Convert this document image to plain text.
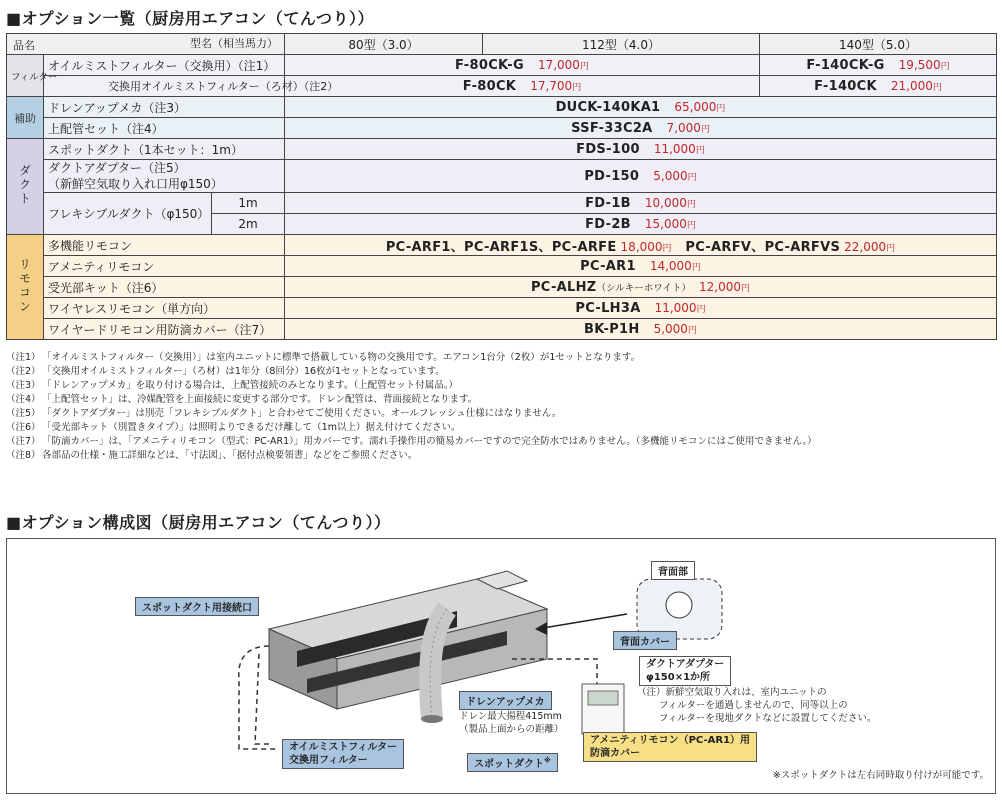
■オプション一覧（厨房用エアコン（てんつり））
品名 型名（相当馬力）			80型（3.0）	112型（4.0）	140型（5.0）
フィルター	オイルミストフィルター（交換用）（注1）		F-80CK-G 17,000円		F-140CK-G 19,500円
	交換用オイルミストフィルター（ろ材）（注2）		F-80CK 17,700円		F-140CK 21,000円
補助	ドレンアップメカ（注3）		DUCK-140KA1 65,000円		
	上配管セット（注4）		SSF-33C2A 7,000円		
ダクト	スポットダクト（1本セット：1m）		FDS-100 11,000円		

	ダクトアダプター（注5）
（新鮮空気取り入れ口用φ150）		PD-150 5,000円		

	フレキシブルダクト（φ150）	1m	FD-1B 10,000円		
		2m	FD-2B 15,000円		
リモコン	多機能リモコン		PC-ARF1、PC-ARF1S、PC-ARFE 18,000円 PC-ARFV、PC-ARFVS 22,000円		
	アメニティリモコン		PC-AR1 14,000円		
	受光部キット（注6）		PC-ALHZ（シルキーホワイト） 12,000円		
	ワイヤレスリモコン（単方向）		PC-LH3A 11,000円		
	ワイヤードリモコン用防滴カバー（注7）		BK-P1H 5,000円		
（注1）「オイルミストフィルター（交換用）」は室内ユニットに標準で搭載している物の交換用です。エアコン1台分（2枚）が1セットとなります。
（注2）「交換用オイルミストフィルター」（ろ材）は1年分（8回分）16枚が1セットとなっています。
（注3）「ドレンアップメカ」を取り付ける場合は、上配管接続のみとなります。（上配管セット付属品。）
（注4）「上配管セット」は、冷媒配管を上面接続に変更する部分です。ドレン配管は、背面接続となります。
（注5）「ダクトアダプター」は別売「フレキシブルダクト」と合わせてご使用ください。オールフレッシュ仕様にはなりません。
（注6）「受光部キット（別置きタイプ）」は照明よりできるだけ離して（1m以上）据え付けてください。
（注7）「防滴カバー」は、「アメニティリモコン（型式：PC-AR1）」用カバーです。濡れ手操作用の簡易カバーですので完全防水ではありません。（多機能リモコンにはご使用できません。）
（注8）各部品の仕様・施工詳細などは、「寸法図」、「据付点検要領書」などをご参照ください。
■オプション構成図（厨房用エアコン（てんつり））
スポットダクト用接続口
背面部
背面カバー
ダクトアダプター
φ150×1か所
ドレンアップメカ
ドレン最大揚程415mm
（製品上面からの距離）
（注）新鮮空気取り入れは、室内ユニットの
フィルターを通過しませんので、同等以上の
フィルターを現地ダクトなどに設置してください。
オイルミストフィルター
交換用フィルター	スポットダクト※
アメニティリモコン（PC-AR1）用
防滴カバー
※スポットダクトは左右同時取り付けが可能です。
